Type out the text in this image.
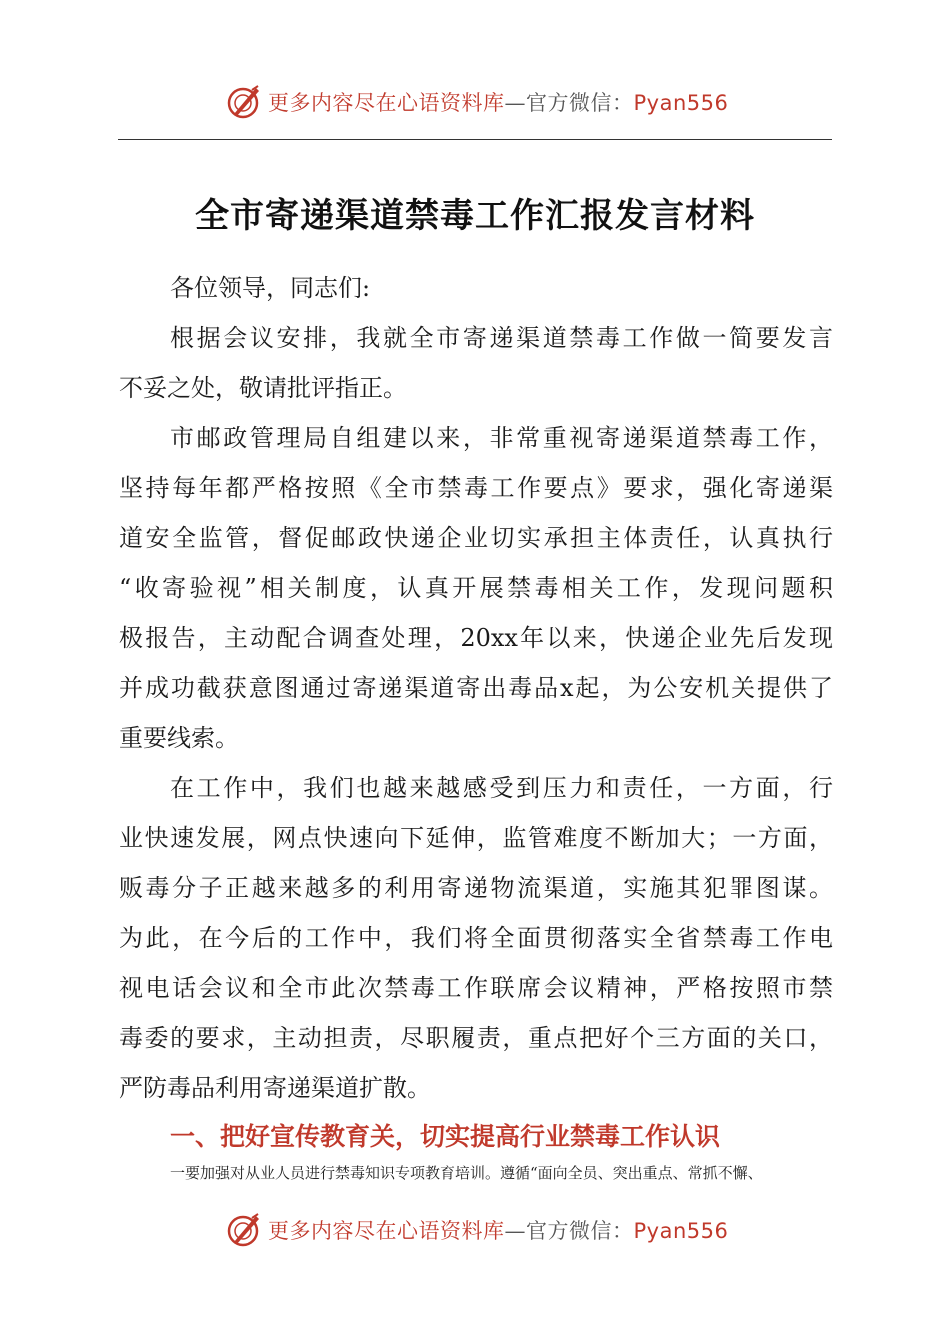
更多内容尽在心语资料库—官方微信：Pyan556
全市寄递渠道禁毒工作汇报发言材料
各位领导，同志们:
根据会议安排，我就全市寄递渠道禁毒工作做一简要发言
不妥之处，敬请批评指正。
市邮政管理局自组建以来，非常重视寄递渠道禁毒工作，
坚持每年都严格按照《全市禁毒工作要点》要求，强化寄递渠
道安全监管，督促邮政快递企业切实承担主体责任，认真执行
“收寄验视”相关制度，认真开展禁毒相关工作，发现问题积
极报告，主动配合调查处理，20xx年以来，快递企业先后发现
并成功截获意图通过寄递渠道寄出毒品x起，为公安机关提供了
重要线索。
在工作中，我们也越来越感受到压力和责任，一方面，行
业快速发展，网点快速向下延伸，监管难度不断加大；一方面，
贩毒分子正越来越多的利用寄递物流渠道，实施其犯罪图谋。
为此，在今后的工作中，我们将全面贯彻落实全省禁毒工作电
视电话会议和全市此次禁毒工作联席会议精神，严格按照市禁
毒委的要求，主动担责，尽职履责，重点把好个三方面的关口，
严防毒品利用寄递渠道扩散。
一、把好宣传教育关，切实提高行业禁毒工作认识
一要加强对从业人员进行禁毒知识专项教育培训。遵循“面向全员、突出重点、常抓不懈、
更多内容尽在心语资料库—官方微信：Pyan556
